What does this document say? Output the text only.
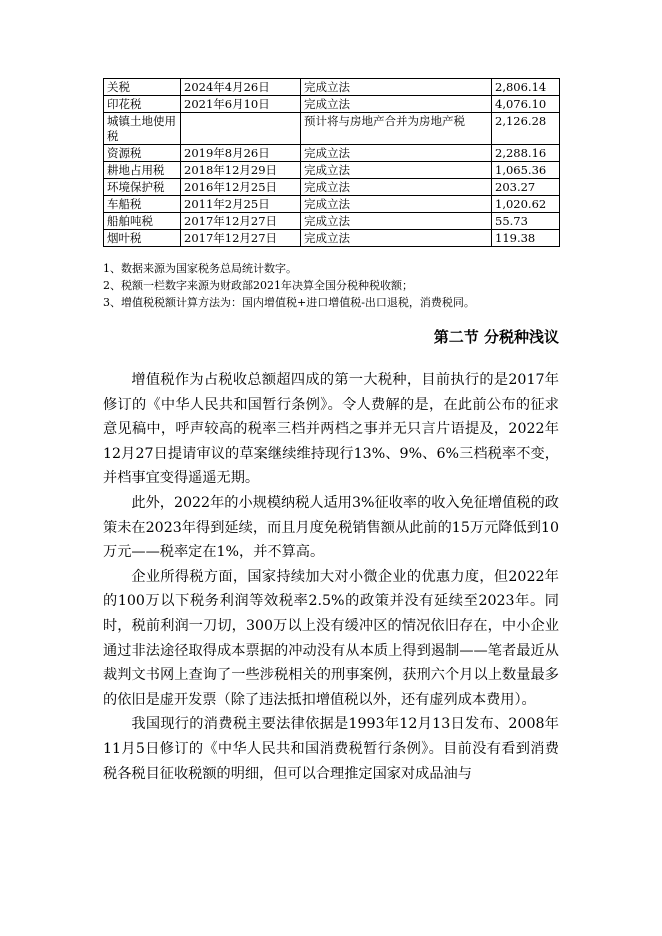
关税	2024年4月26日	完成立法	2,806.14
印花税	2021年6月10日	完成立法	4,076.10
城镇土地使用税		预计将与房地产合并为房地产税	2,126.28
资源税	2019年8月26日	完成立法	2,288.16
耕地占用税	2018年12月29日	完成立法	1,065.36
环境保护税	2016年12月25日	完成立法	203.27
车船税	2011年2月25日	完成立法	1,020.62
船舶吨税	2017年12月27日	完成立法	55.73
烟叶税	2017年12月27日	完成立法	119.38
1、数据来源为国家税务总局统计数字。
2、税额一栏数字来源为财政部2021年决算全国分税种税收额；
3、增值税税额计算方法为：国内增值税+进口增值税-出口退税，消费税同。
第二节 分税种浅议

增值税作为占税收总额超四成的第一大税种，目前执行的是2017年修订的《中华人民共和国暂行条例》。令人费解的是，在此前公布的征求意见稿中，呼声较高的税率三档并两档之事并无只言片语提及，2022年12月27日提请审议的草案继续维持现行13%、9%、6%三档税率不变，并档事宜变得遥遥无期。

此外，2022年的小规模纳税人适用3%征收率的收入免征增值税的政策未在2023年得到延续，而且月度免税销售额从此前的15万元降低到10万元——税率定在1%，并不算高。

企业所得税方面，国家持续加大对小微企业的优惠力度，但2022年的100万以下税务利润等效税率2.5%的政策并没有延续至2023年。同时，税前利润一刀切，300万以上没有缓冲区的情况依旧存在，中小企业通过非法途径取得成本票据的冲动没有从本质上得到遏制——笔者最近从裁判文书网上查询了一些涉税相关的刑事案例，获刑六个月以上数量最多的依旧是虚开发票（除了违法抵扣增值税以外，还有虚列成本费用）。

我国现行的消费税主要法律依据是1993年12月13日发布、2008年11月5日修订的《中华人民共和国消费税暂行条例》。目前没有看到消费税各税目征收税额的明细，但可以合理推定国家对成品油与
